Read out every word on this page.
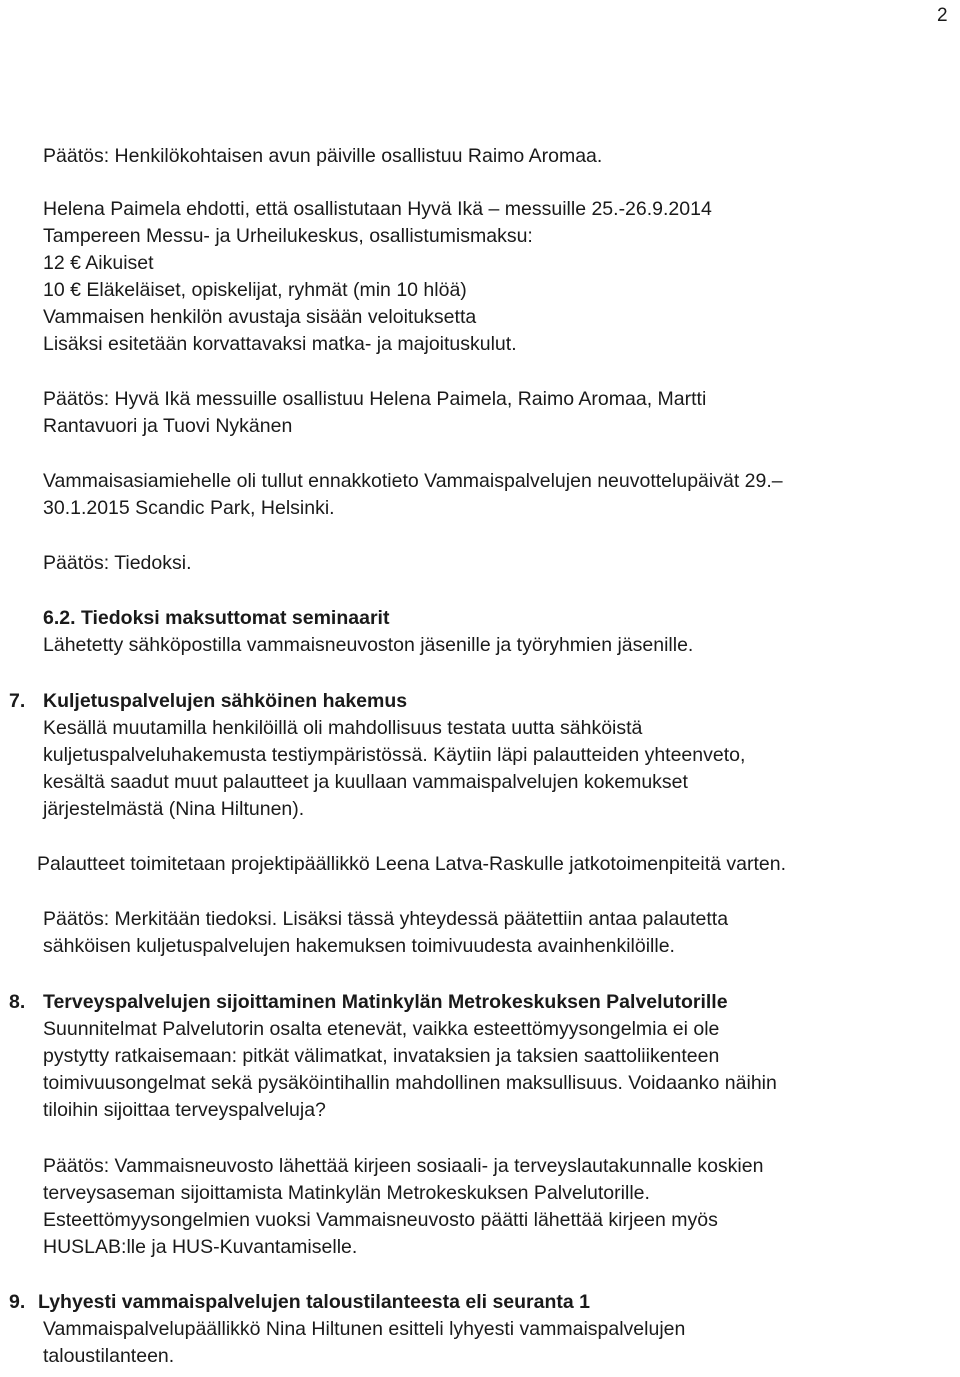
2

Päätös: Henkilökohtaisen avun päiville osallistuu Raimo Aromaa.

Helena Paimela ehdotti, että osallistutaan Hyvä Ikä – messuille 25.-26.9.2014

Tampereen Messu- ja Urheilukeskus, osallistumismaksu:

12 € Aikuiset

10 € Eläkeläiset, opiskelijat, ryhmät (min 10 hlöä)

Vammaisen henkilön avustaja sisään veloituksetta

Lisäksi esitetään korvattavaksi matka- ja majoituskulut.

Päätös: Hyvä Ikä messuille osallistuu Helena Paimela, Raimo Aromaa, Martti

Rantavuori ja Tuovi Nykänen

Vammaisasiamiehelle oli tullut ennakkotieto Vammaispalvelujen neuvottelupäivät 29.–

30.1.2015 Scandic Park, Helsinki.

Päätös: Tiedoksi.

6.2. Tiedoksi maksuttomat seminaarit

Lähetetty sähköpostilla vammaisneuvoston jäsenille ja työryhmien jäsenille.

7. Kuljetuspalvelujen sähköinen hakemus

Kesällä muutamilla henkilöillä oli mahdollisuus testata uutta sähköistä

kuljetuspalveluhakemusta testiympäristössä. Käytiin läpi palautteiden yhteenveto,

kesältä saadut muut palautteet ja kuullaan vammaispalvelujen kokemukset

järjestelmästä (Nina Hiltunen).

Palautteet toimitetaan projektipäällikkö Leena Latva-Raskulle jatkotoimenpiteitä varten.

Päätös: Merkitään tiedoksi. Lisäksi tässä yhteydessä päätettiin antaa palautetta

sähköisen kuljetuspalvelujen hakemuksen toimivuudesta avainhenkilöille.

8. Terveyspalvelujen sijoittaminen Matinkylän Metrokeskuksen Palvelutorille

Suunnitelmat Palvelutorin osalta etenevät, vaikka esteettömyysongelmia ei ole

pystytty ratkaisemaan: pitkät välimatkat, invataksien ja taksien saattoliikenteen

toimivuusongelmat sekä pysäköintihallin mahdollinen maksullisuus. Voidaanko näihin

tiloihin sijoittaa terveyspalveluja?

Päätös: Vammaisneuvosto lähettää kirjeen sosiaali- ja terveyslautakunnalle koskien

terveysaseman sijoittamista Matinkylän Metrokeskuksen Palvelutorille.

Esteettömyysongelmien vuoksi Vammaisneuvosto päätti lähettää kirjeen myös

HUSLAB:lle ja HUS-Kuvantamiselle.

9. Lyhyesti vammaispalvelujen taloustilanteesta eli seuranta 1

Vammaispalvelupäällikkö Nina Hiltunen esitteli lyhyesti vammaispalvelujen

taloustilanteen.
